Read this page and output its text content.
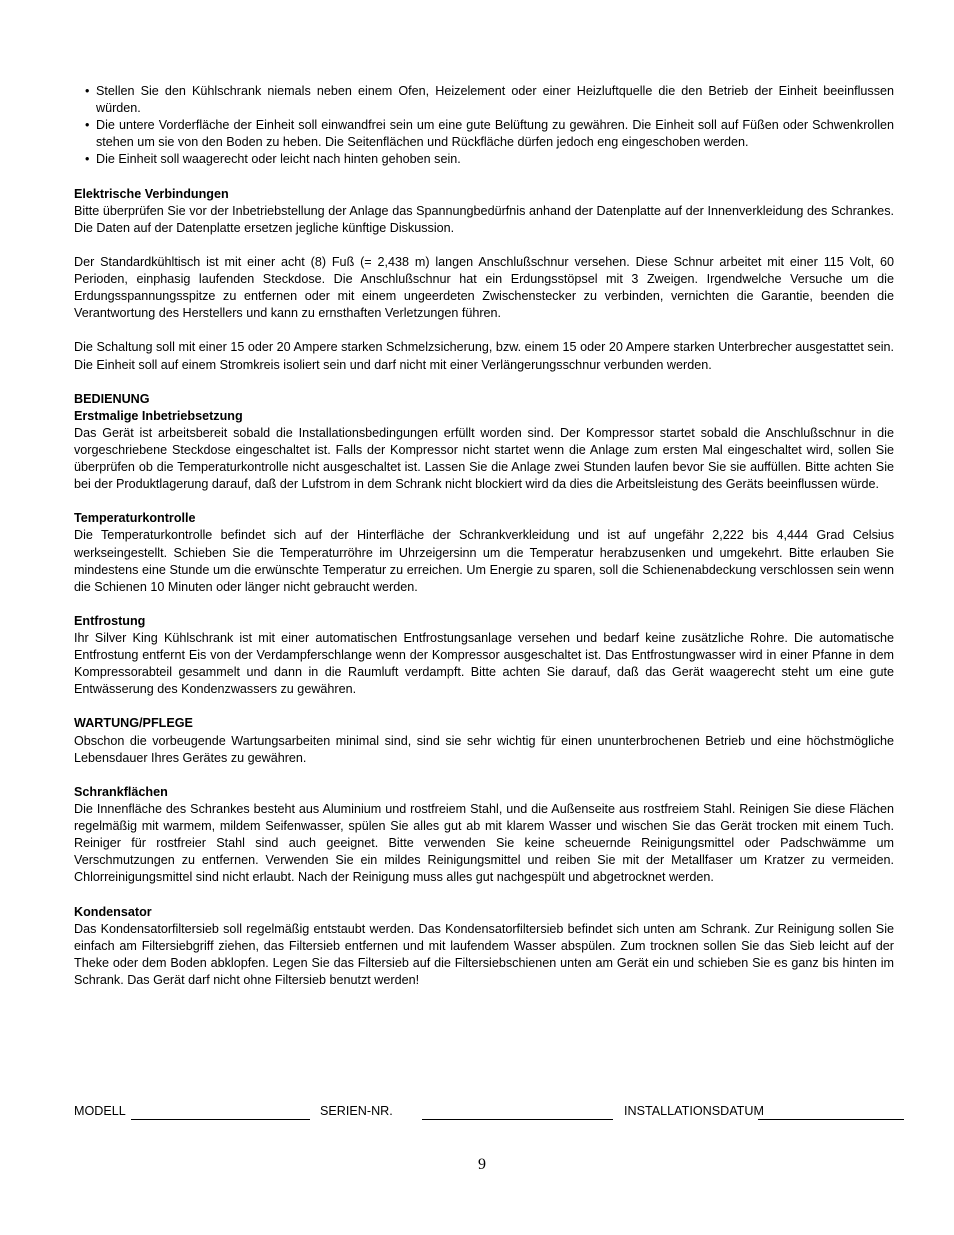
• Stellen Sie den Kühlschrank niemals neben einem Ofen, Heizelement oder einer Heizluftquelle die den Betrieb der Einheit beeinflussen würden.
• Die untere Vorderfläche der Einheit soll einwandfrei sein um eine gute Belüftung zu gewähren. Die Einheit soll auf Füßen oder Schwenkrollen stehen um sie von den Boden zu heben. Die Seitenflächen und Rückfläche dürfen jedoch eng eingeschoben werden.
• Die Einheit soll waagerecht oder leicht nach hinten gehoben sein.

Elektrische Verbindungen

Bitte überprüfen Sie vor der Inbetriebstellung der Anlage das Spannungbedürfnis anhand der Datenplatte auf der Innenverkleidung des Schrankes. Die Daten auf der Datenplatte ersetzen jegliche künftige Diskussion.

Der Standardkühltisch ist mit einer acht (8) Fuß (= 2,438 m) langen Anschlußschnur versehen. Diese Schnur arbeitet mit einer 115 Volt, 60 Perioden, einphasig laufenden Steckdose. Die Anschlußschnur hat ein Erdungsstöpsel mit 3 Zweigen. Irgendwelche Versuche um die Erdungsspannungsspitze zu entfernen oder mit einem ungeerdeten Zwischenstecker zu verbinden, vernichten die Garantie, beenden die Verantwortung des Herstellers und kann zu ernsthaften Verletzungen führen.

Die Schaltung soll mit einer 15 oder 20 Ampere starken Schmelzsicherung, bzw. einem 15 oder 20 Ampere starken Unterbrecher ausgestattet sein. Die Einheit soll auf einem Stromkreis isoliert sein und darf nicht mit einer Verlängerungsschnur verbunden werden.

BEDIENUNG

Erstmalige Inbetriebsetzung

Das Gerät ist arbeitsbereit sobald die Installationsbedingungen erfüllt worden sind. Der Kompressor startet sobald die Anschlußschnur in die vorgeschriebene Steckdose eingeschaltet ist. Falls der Kompressor nicht startet wenn die Anlage zum ersten Mal eingeschaltet wird, sollen Sie überprüfen ob die Temperaturkontrolle nicht ausgeschaltet ist. Lassen Sie die Anlage zwei Stunden laufen bevor Sie sie auffüllen. Bitte achten Sie bei der Produktlagerung darauf, daß der Lufstrom in dem Schrank nicht blockiert wird da dies die Arbeitsleistung des Geräts beeinflussen würde.

Temperaturkontrolle

Die Temperaturkontrolle befindet sich auf der Hinterfläche der Schrankverkleidung und ist auf ungefähr 2,222 bis 4,444 Grad Celsius werkseingestellt. Schieben Sie die Temperaturröhre im Uhrzeigersinn um die Temperatur herabzusenken und umgekehrt. Bitte erlauben Sie mindestens eine Stunde um die erwünschte Temperatur zu erreichen. Um Energie zu sparen, soll die Schienenabdeckung verschlossen sein wenn die Schienen 10 Minuten oder länger nicht gebraucht werden.

Entfrostung

Ihr Silver King Kühlschrank ist mit einer automatischen Entfrostungsanlage versehen und bedarf keine zusätzliche Rohre. Die automatische Entfrostung entfernt Eis von der Verdampferschlange wenn der Kompressor ausgeschaltet ist. Das Entfrostungwasser wird in einer Pfanne in dem Kompressorabteil gesammelt und dann in die Raumluft verdampft. Bitte achten Sie darauf, daß das Gerät waagerecht steht um eine gute Entwässerung des Kondenzwassers zu gewähren.

WARTUNG/PFLEGE

Obschon die vorbeugende Wartungsarbeiten minimal sind, sind sie sehr wichtig für einen ununterbrochenen Betrieb und eine höchstmögliche Lebensdauer Ihres Gerätes zu gewähren.

Schrankflächen

Die Innenfläche des Schrankes besteht aus Aluminium und rostfreiem Stahl, und die Außenseite aus rostfreiem Stahl. Reinigen Sie diese Flächen regelmäßig mit warmem, mildem Seifenwasser, spülen Sie alles gut ab mit klarem Wasser und wischen Sie das Gerät trocken mit einem Tuch. Reiniger für rostfreier Stahl sind auch geeignet. Bitte verwenden Sie keine scheuernde Reinigungsmittel oder Padschwämme um Verschmutzungen zu entfernen. Verwenden Sie ein mildes Reinigungsmittel und reiben Sie mit der Metallfaser um Kratzer zu vermeiden. Chlorreinigungsmittel sind nicht erlaubt. Nach der Reinigung muss alles gut nachgespült und abgetrocknet werden.

Kondensator

Das Kondensatorfiltersieb soll regelmäßig entstaubt werden. Das Kondensatorfiltersieb befindet sich unten am Schrank. Zur Reinigung sollen Sie einfach am Filtersiebgriff ziehen, das Filtersieb entfernen und mit laufendem Wasser abspülen. Zum trocknen sollen Sie das Sieb leicht auf der Theke oder dem Boden abklopfen. Legen Sie das Filtersieb auf die Filtersiebschienen unten am Gerät ein und schieben Sie es ganz bis hinten im Schrank. Das Gerät darf nicht ohne Filtersieb benutzt werden!

MODELL	SERIEN-NR.	INSTALLATIONSDATUM
9
